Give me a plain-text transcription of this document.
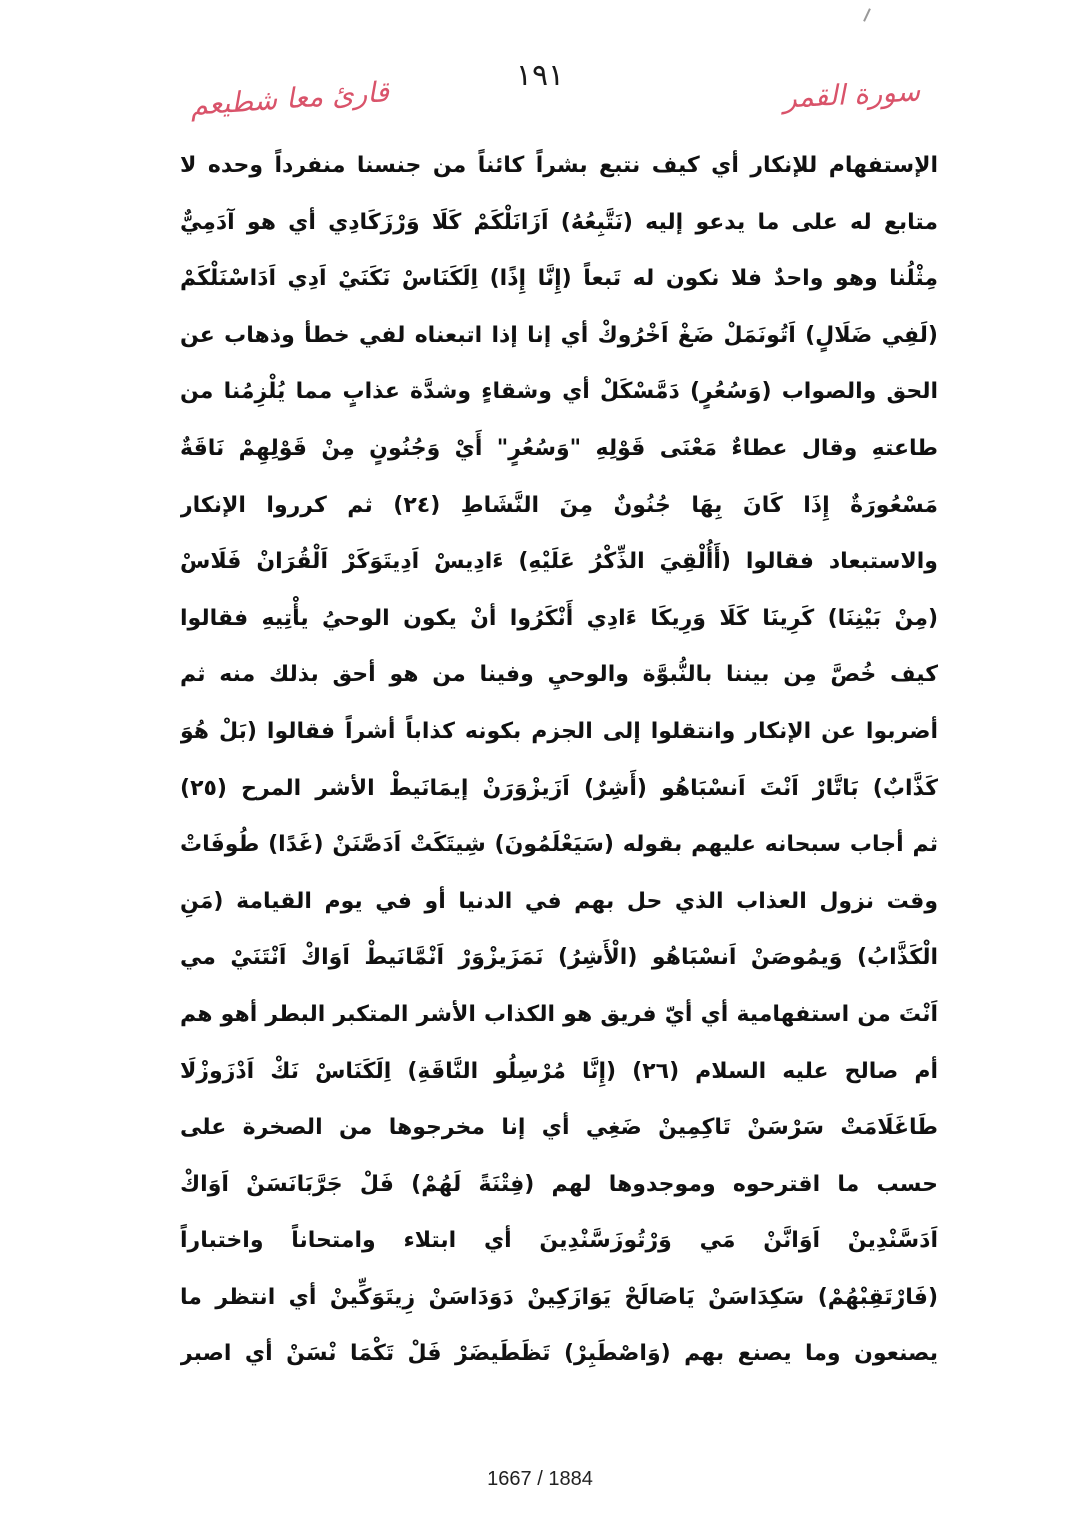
١٩١	سورة القمر
قارئ معا شطيعم
الإستفهام للإنكار أي كيف نتبع بشراً كائناً من جنسنا منفرداً وحده لا
متابع له على ما يدعو إليه (نَتَّبِعُهُ) اَزَانَلْكَمْ كَلَا وَرْزَكَادِي أي هو آدَمِيٌّ
مِثْلُنا وهو واحدٌ فلا نكون له تَبعاً (إِنَّا إِذًا) اِلَكَنَاسْ نَكَنَيْ اَدِي اَدَاسْنَلْكَمْ
(لَفِي ضَلَالٍ) اَتُونَمَلْ ضَغْ اَخْرُوكْ أي إنا إذا اتبعناه لفي خطأ وذهاب عن
الحق والصواب (وَسُعُرٍ) دَمَّسْكَلْ أي وشقاءٍ وشدَّة عذابٍ مما يُلْزِمُنا من
طاعتهِ وقال عطاءٌ مَعْنَى قَوْلِهِ "وَسُعُرٍ" أَيْ وَجُنُونٍ مِنْ قَوْلِهِمْ نَاقَةٌ
مَسْعُورَةٌ إِذَا كَانَ بِهَا جُنُونٌ مِنَ النَّشَاطِ (٢٤) ثم كرروا الإنكار
والاستبعاد فقالوا (أَأُلْقِيَ الذِّكْرُ عَلَيْهِ) ءَادِيسْ اَدِيتَوَكَرْ اَلْقُرَانْ فَلَاسْ
(مِنْ بَيْنِنَا) كَرِينَا كَلَا وَرِيكَا ءَادِي أَنْكَرُوا أنْ يكون الوحيُ يأْتِيهِ فقالوا
كيف خُصَّ مِن بيننا بالنُّبوَّة والوحيِ وفينا من هو أحق بذلك منه ثم
أضربوا عن الإنكار وانتقلوا إلى الجزم بكونه كذاباً أشراً فقالوا (بَلْ هُوَ
كَذَّابٌ) بَاتَّارْ اَنْتَ اَنسْبَاهُو (أَشِرٌ) اَزَيزْوَرَنْ إيمَانَيطْ الأشر المرح (٢٥)
ثم أجاب سبحانه عليهم بقوله (سَيَعْلَمُونَ) شِيتَكَتْ اَدَصَّنَنْ (غَدًا) طُوفَاتْ
وقت نزول العذاب الذي حل بهم في الدنيا أو في يوم القيامة (مَنِ
الْكَذَّابُ) وَيمُوصَنْ اَنسْبَاهُو (الْأَشِرُ) نَمَزَيزْوَرْ اَنْمَّانَيطْ اَوَاكْ اَنْتَنَيْ مي
اَنْتَ من استفهامية أي أيّ فريق هو الكذاب الأشر المتكبر البطر أهو هم
أم صالح عليه السلام (٢٦) (إِنَّا مُرْسِلُو النَّاقَةِ) اِلَكَنَاسْ نَكْ اَدْزَوزْلَا
طَاغَلَامَتْ سَرْسَنْ تَاكِمِينْ ضَغِي أي إنا مخرجوها من الصخرة على
حسب ما اقترحوه وموجدوها لهم (فِتْنَةً لَهُمْ) فَلْ جَرَّبَانَسَنْ اَوَاكْ
اَدَسَّنْدِينْ اَوَانَّنْ مَي وَرْتُوزَسَّنْدِينَ أي ابتلاء وامتحاناً واختباراً
(فَارْتَقِبْهُمْ) سَكِدَاسَنْ يَاصَالَحْ يَوَازَكِينْ دَوَدَاسَنْ زِيتَوَكِّينْ أي انتظر ما
يصنعون وما يصنع بهم (وَاصْطَبِرْ) تَظَطَيضَرْ فَلْ تَكْمَا نْسَنْ أي اصبر
1667 / 1884
